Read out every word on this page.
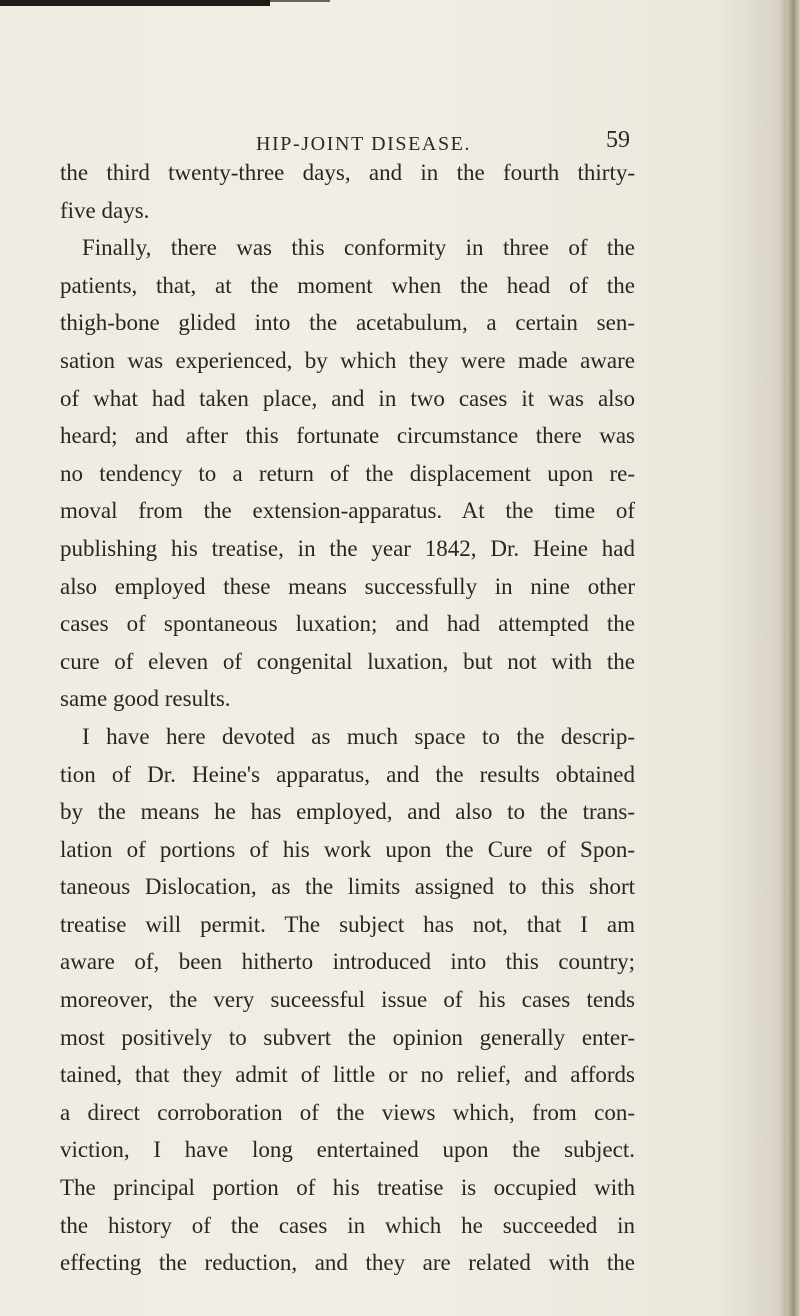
HIP-JOINT DISEASE.	59
the third twenty-three days, and in the fourth thirty-
five days.
Finally, there was this conformity in three of the
patients, that, at the moment when the head of the
thigh-bone glided into the acetabulum, a certain sen-
sation was experienced, by which they were made aware
of what had taken place, and in two cases it was also
heard; and after this fortunate circumstance there was
no tendency to a return of the displacement upon re-
moval from the extension-apparatus. At the time of
publishing his treatise, in the year 1842, Dr. Heine had
also employed these means successfully in nine other
cases of spontaneous luxation; and had attempted the
cure of eleven of congenital luxation, but not with the
same good results.
I have here devoted as much space to the descrip-
tion of Dr. Heine's apparatus, and the results obtained
by the means he has employed, and also to the trans-
lation of portions of his work upon the Cure of Spon-
taneous Dislocation, as the limits assigned to this short
treatise will permit. The subject has not, that I am
aware of, been hitherto introduced into this country;
moreover, the very suceessful issue of his cases tends
most positively to subvert the opinion generally enter-
tained, that they admit of little or no relief, and affords
a direct corroboration of the views which, from con-
viction, I have long entertained upon the subject.
The principal portion of his treatise is occupied with
the history of the cases in which he succeeded in
effecting the reduction, and they are related with the
